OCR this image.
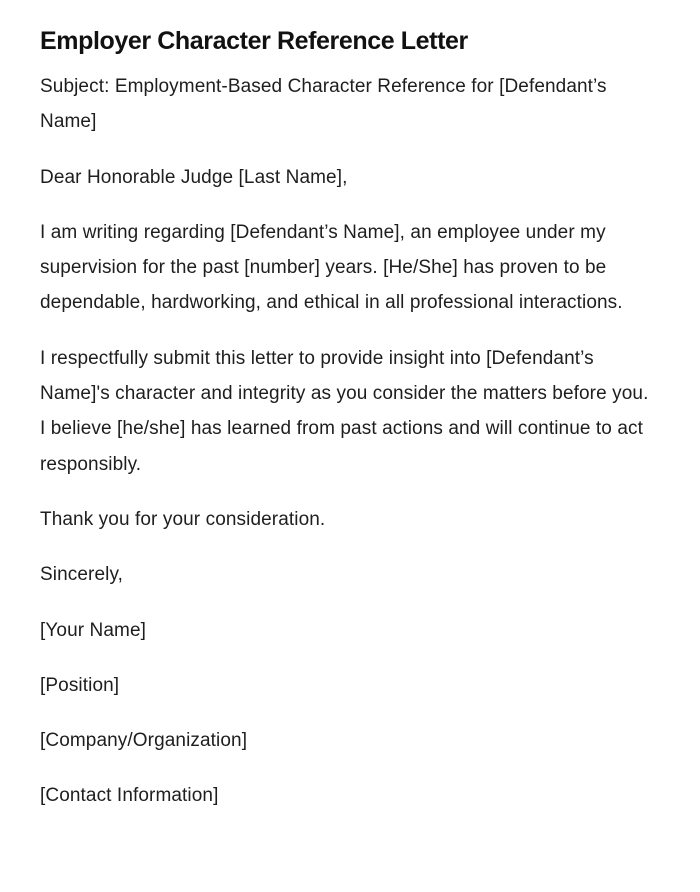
Employer Character Reference Letter

Subject: Employment-Based Character Reference for [Defendant’s Name]

Dear Honorable Judge [Last Name],

I am writing regarding [Defendant’s Name], an employee under my supervision for the past [number] years. [He/She] has proven to be dependable, hardworking, and ethical in all professional interactions.

I respectfully submit this letter to provide insight into [Defendant’s Name]'s character and integrity as you consider the matters before you. I believe [he/she] has learned from past actions and will continue to act responsibly.

Thank you for your consideration.

Sincerely,

[Your Name]

[Position]

[Company/Organization]

[Contact Information]
